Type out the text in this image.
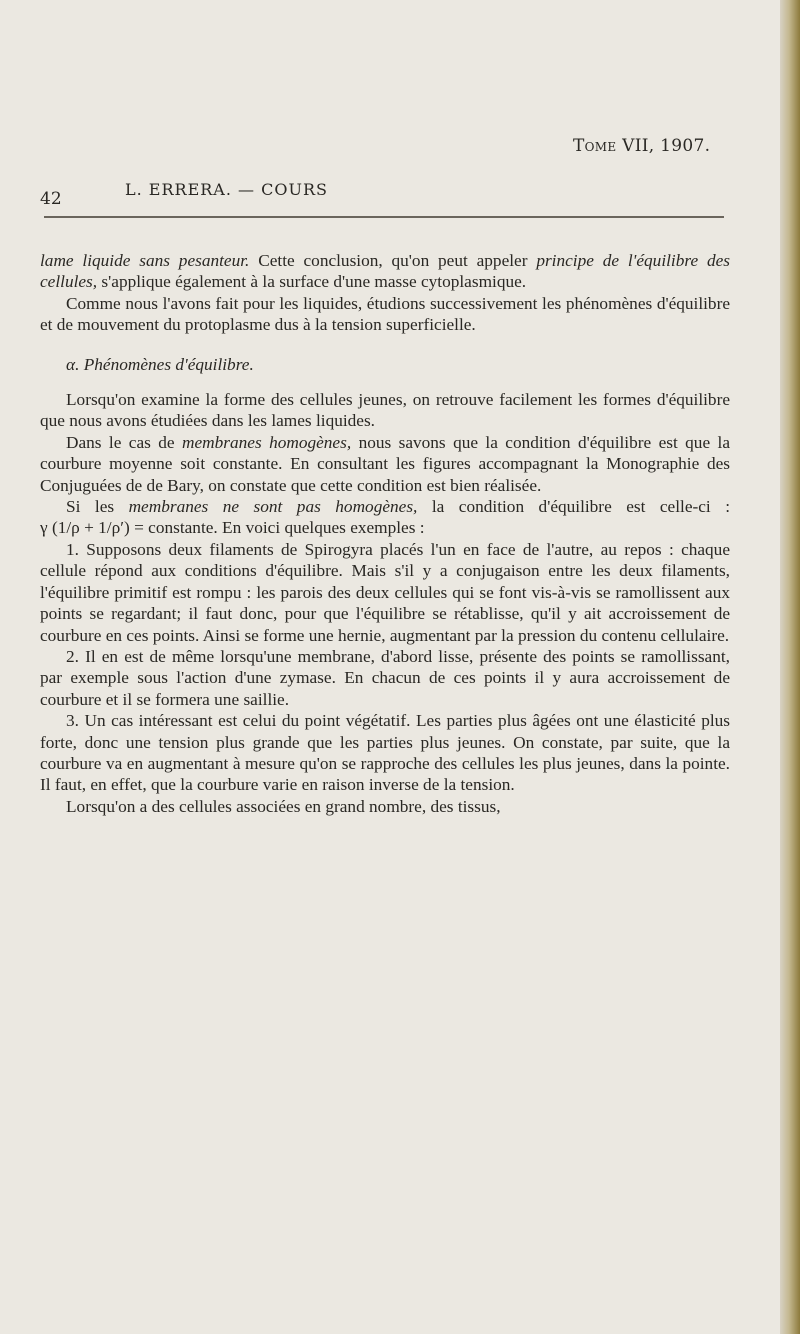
Tome VII, 1907.
42	L. ERRERA. — COURS

lame liquide sans pesanteur. Cette conclusion, qu'on peut appeler principe de l'équilibre des cellules, s'applique également à la surface d'une masse cytoplasmique.

Comme nous l'avons fait pour les liquides, étudions successivement les phénomènes d'équilibre et de mouvement du protoplasme dus à la tension superficielle.

α. Phénomènes d'équilibre.

Lorsqu'on examine la forme des cellules jeunes, on retrouve facilement les formes d'équilibre que nous avons étudiées dans les lames liquides.

Dans le cas de membranes homogènes, nous savons que la condition d'équilibre est que la courbure moyenne soit constante. En consultant les figures accompagnant la Monographie des Conjuguées de de Bary, on constate que cette condition est bien réalisée.

Si les membranes ne sont pas homogènes, la condition d'équilibre est celle-ci : γ (1/ρ + 1/ρ′) = constante. En voici quelques exemples :

1. Supposons deux filaments de Spirogyra placés l'un en face de l'autre, au repos : chaque cellule répond aux conditions d'équilibre. Mais s'il y a conjugaison entre les deux filaments, l'équilibre primitif est rompu : les parois des deux cellules qui se font vis-à-vis se ramollissent aux points se regardant; il faut donc, pour que l'équilibre se rétablisse, qu'il y ait accroissement de courbure en ces points. Ainsi se forme une hernie, augmentant par la pression du contenu cellulaire.

2. Il en est de même lorsqu'une membrane, d'abord lisse, présente des points se ramollissant, par exemple sous l'action d'une zymase. En chacun de ces points il y aura accroissement de courbure et il se formera une saillie.

3. Un cas intéressant est celui du point végétatif. Les parties plus âgées ont une élasticité plus forte, donc une tension plus grande que les parties plus jeunes. On constate, par suite, que la courbure va en augmentant à mesure qu'on se rapproche des cellules les plus jeunes, dans la pointe. Il faut, en effet, que la courbure varie en raison inverse de la tension.

Lorsqu'on a des cellules associées en grand nombre, des tissus,
